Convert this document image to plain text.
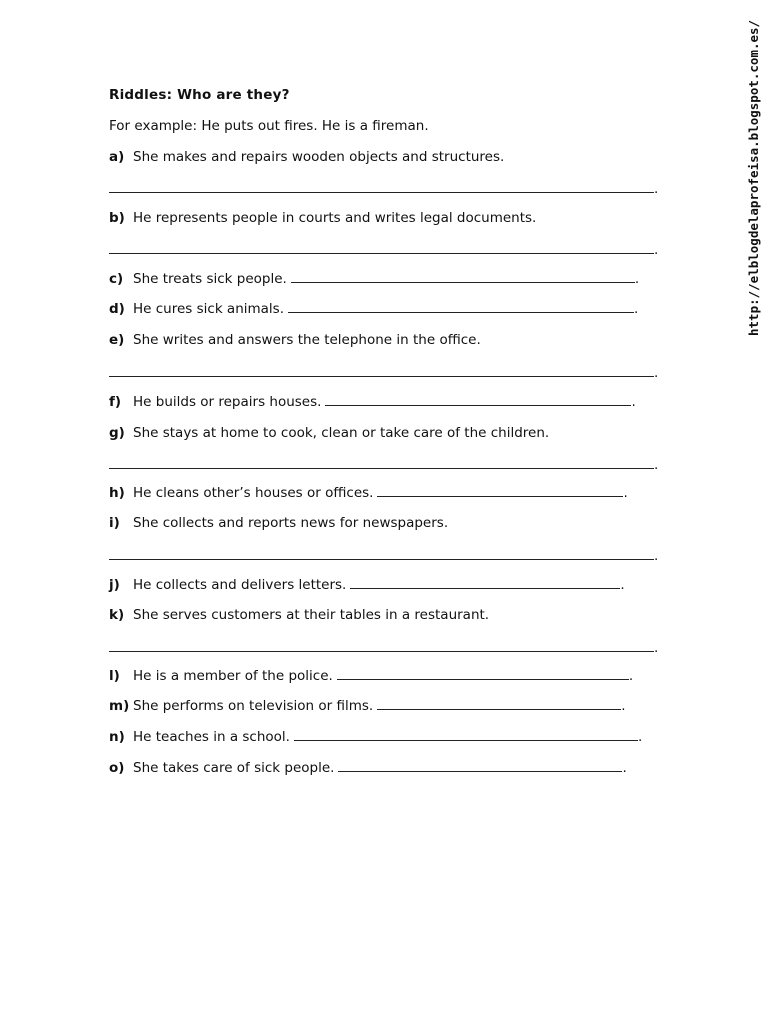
Riddles: Who are they?
For example: He puts out fires. He is a fireman.
a) She makes and repairs wooden objects and structures.
.
b) He represents people in courts and writes legal documents.
.
c) She treats sick people.	.
d) He cures sick animals.	.
e) She writes and answers the telephone in the office.
.
f) He builds or repairs houses.	.
g) She stays at home to cook, clean or take care of the children.
.
h) He cleans other’s houses or offices.	.
i) She collects and reports news for newspapers.
.
j) He collects and delivers letters.	.
k) She serves customers at their tables in a restaurant.
.
l) He is a member of the police.	.
m) She performs on television or films.	.
n) He teaches in a school.	.
o) She takes care of sick people.	.
http://elblogdelaprofeisa.blogspot.com.es/
